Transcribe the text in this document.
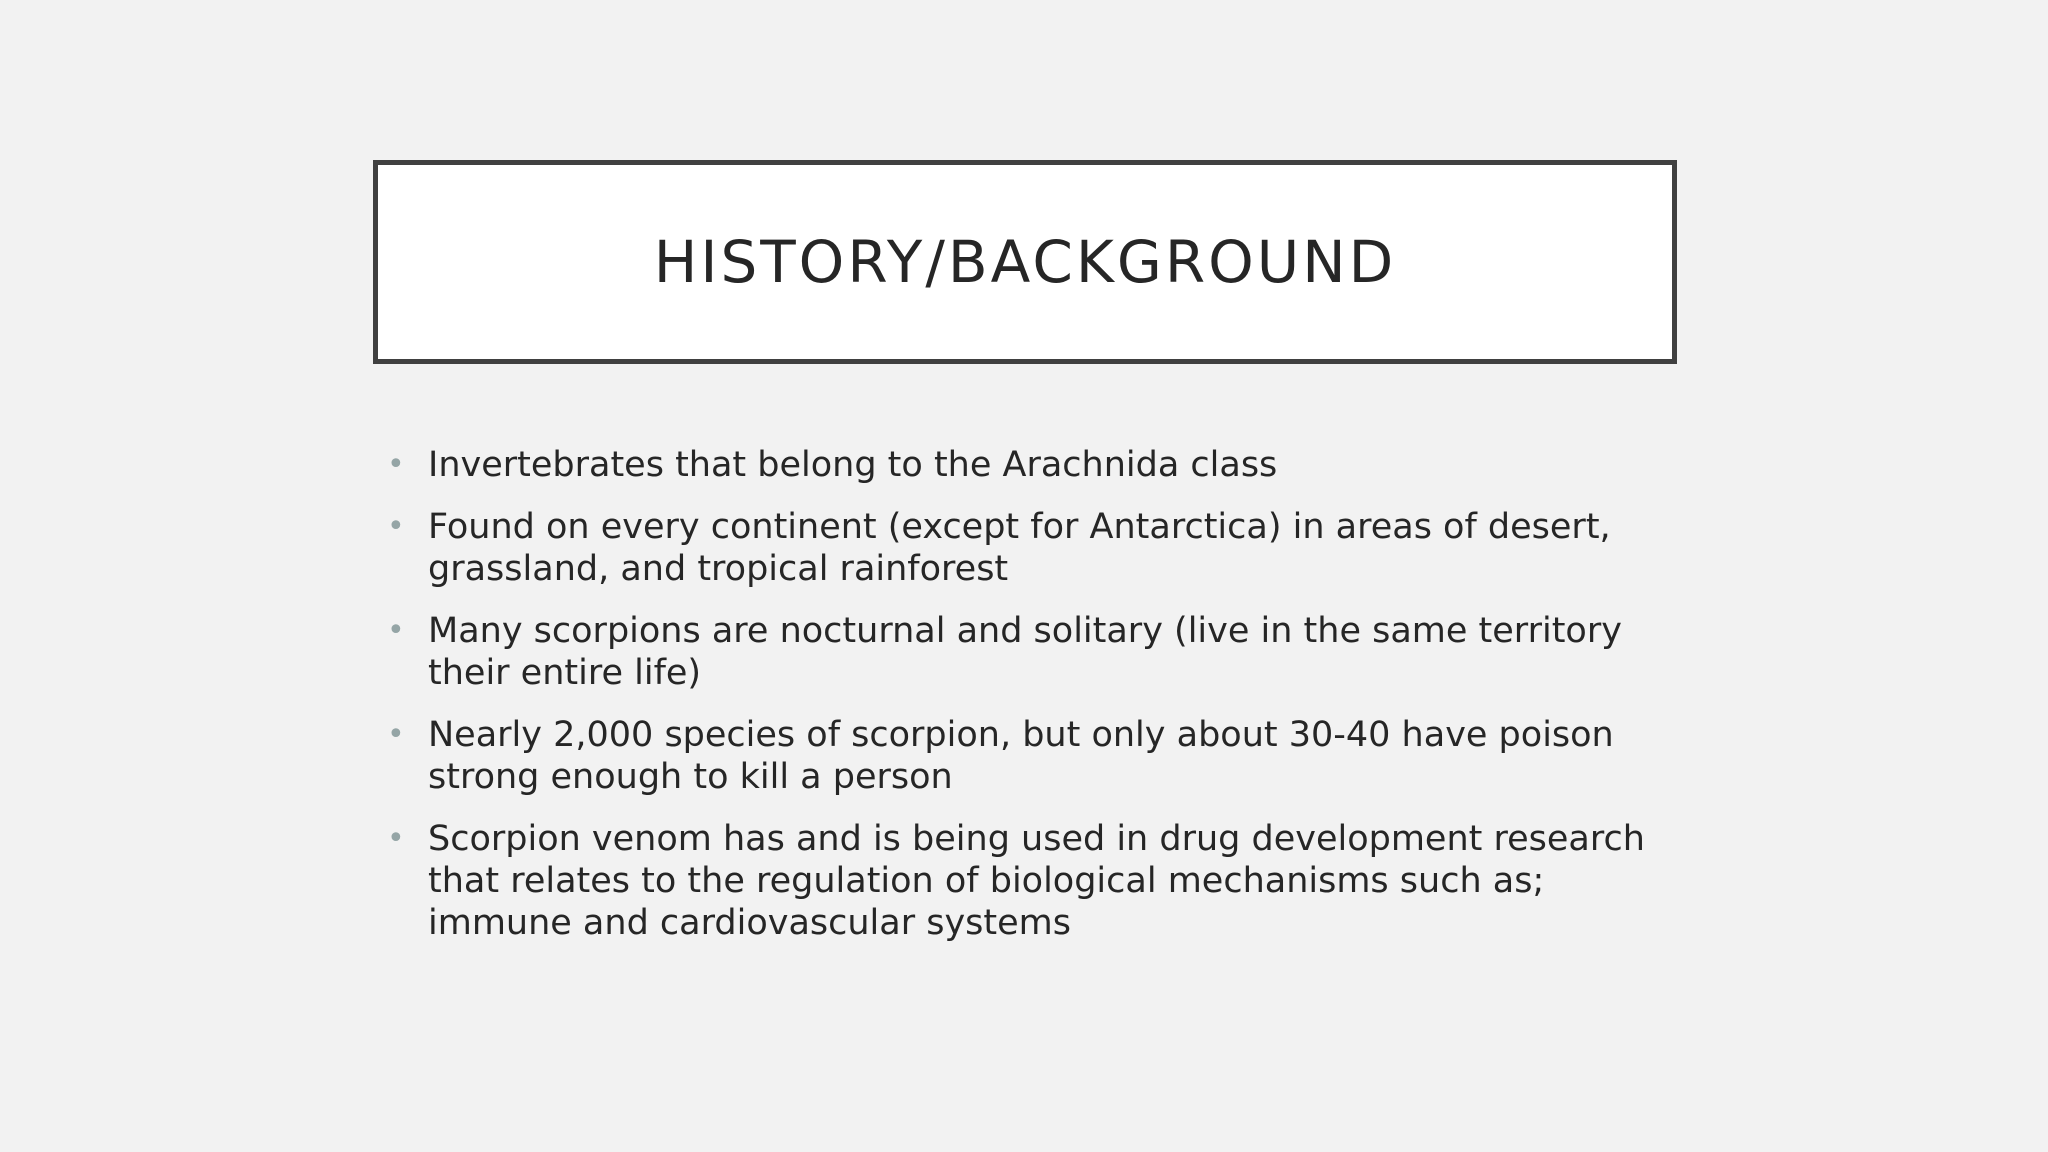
HISTORY/BACKGROUND
• Invertebrates that belong to the Arachnida class
• Found on every continent (except for Antarctica) in areas of desert, grassland, and tropical rainforest
• Many scorpions are nocturnal and solitary (live in the same territory their entire life)
• Nearly 2,000 species of scorpion, but only about 30-40 have poison strong enough to kill a person
• Scorpion venom has and is being used in drug development research that relates to the regulation of biological mechanisms such as; immune and cardiovascular systems
